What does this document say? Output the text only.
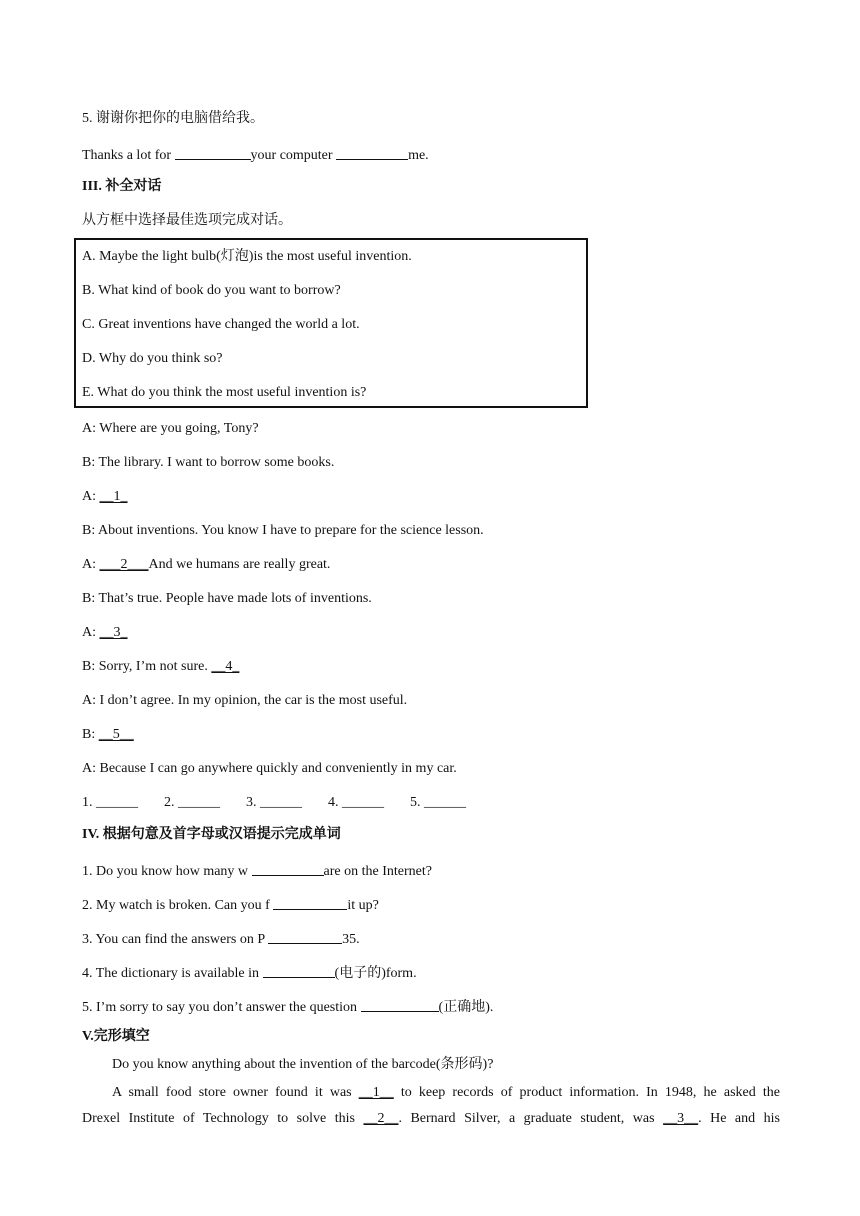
5. 谢谢你把你的电脑借给我。
Thanks a lot for	your computer	me.
III. 补全对话
从方框中选择最佳选项完成对话。
A. Maybe the light bulb(灯泡)is the most useful invention.
B. What kind of book do you want to borrow?
C. Great inventions have changed the world a lot.
D. Why do you think so?
E. What do you think the most useful invention is?
A: Where are you going, Tony?
B: The library. I want to borrow some books.
A: __1_
B: About inventions. You know I have to prepare for the science lesson.
A: ___2___And we humans are really great.
B: That’s true. People have made lots of inventions.
A: __3_
B: Sorry, I’m not sure. __4_
A: I don’t agree. In my opinion, the car is the most useful.
B: __5__
A: Because I can go anywhere quickly and conveniently in my car.
1. ______ 2. ______ 3. ______ 4. ______ 5. ______
IV. 根据句意及首字母或汉语提示完成单词
1. Do you know how many w	are on the Internet?
2. My watch is broken. Can you f	it up?
3. You can find the answers on P	35.
4. The dictionary is available in	(电子的)form.
5. I’m sorry to say you don’t answer the question	(正确地).
V.完形填空
Do you know anything about the invention of the barcode(条形码)?
A small food store owner found it was __1__ to keep records of product information. In 1948, he asked the
Drexel Institute of Technology to solve this __2__. Bernard Silver, a graduate student, was __3__. He and his
